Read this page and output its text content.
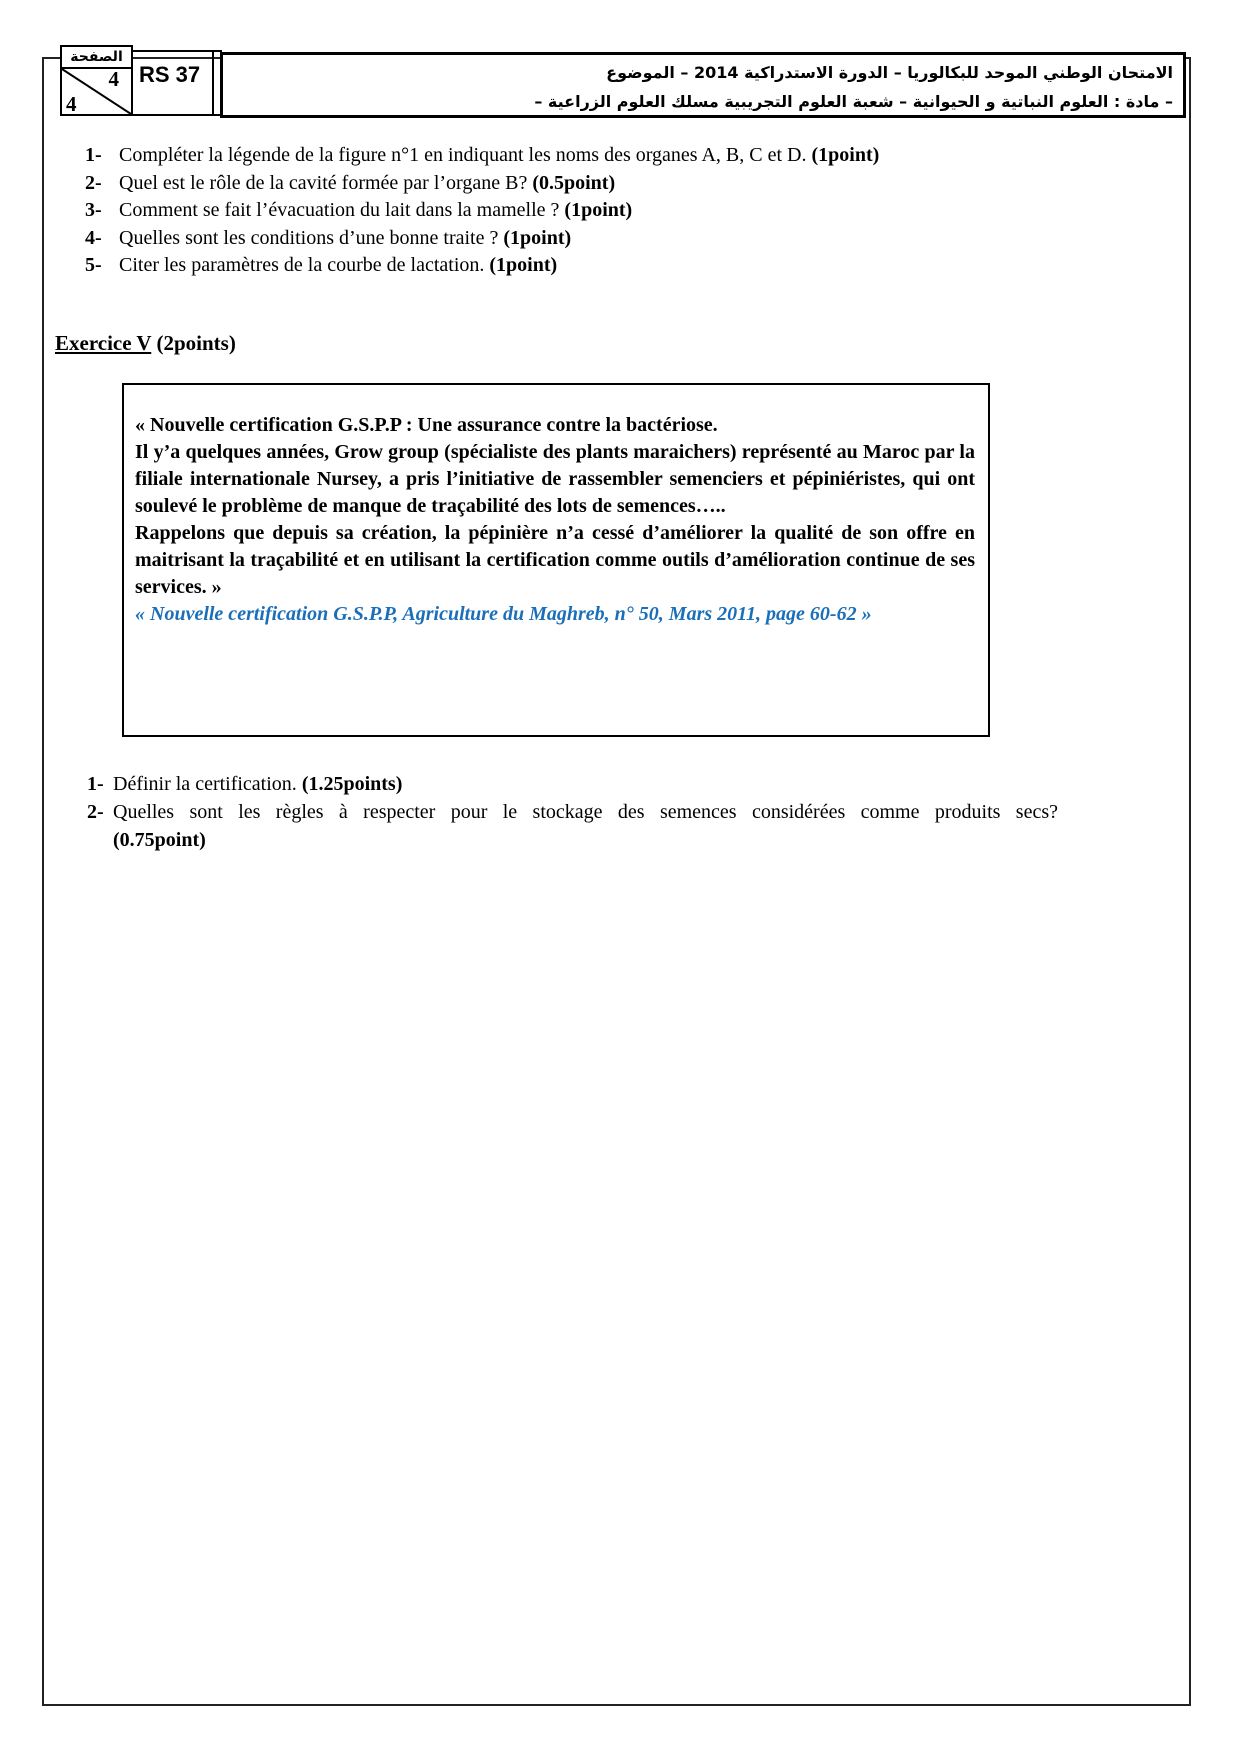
الصفحة
4
4
RS 37	الامتحان الوطني الموحد للبكالوريا – الدورة الاستدراكية 2014 – الموضوع
– مادة : العلوم النباتية و الحيوانية – شعبة العلوم التجريبية مسلك العلوم الزراعية –
1- Compléter la légende de la figure n°1 en indiquant les noms des organes A, B, C et D. (1point)
2- Quel est le rôle de la cavité formée par l’organe B? (0.5point)
3- Comment se fait l’évacuation du lait dans la mamelle ? (1point)
4- Quelles sont les conditions d’une bonne traite ? (1point)
5- Citer les paramètres de la courbe de lactation. (1point)
Exercice V (2points)

« Nouvelle certification G.S.P.P : Une assurance contre la bactériose.

Il y’a quelques années, Grow group (spécialiste des plants maraichers) représenté au Maroc par la filiale internationale Nursey, a pris l’initiative de rassembler semenciers et pépiniéristes, qui ont soulevé le problème de manque de traçabilité des lots de semences…..

Rappelons que depuis sa création, la pépinière n’a cessé d’améliorer la qualité de son offre en maitrisant la traçabilité et en utilisant la certification comme outils d’amélioration continue de ses services. »

« Nouvelle certification G.S.P.P, Agriculture du Maghreb, n° 50, Mars 2011, page 60-62 »

1- Définir la certification. (1.25points)
2- Quelles sont les règles à respecter pour le stockage des semences considérées comme produits secs?
(0.75point)
